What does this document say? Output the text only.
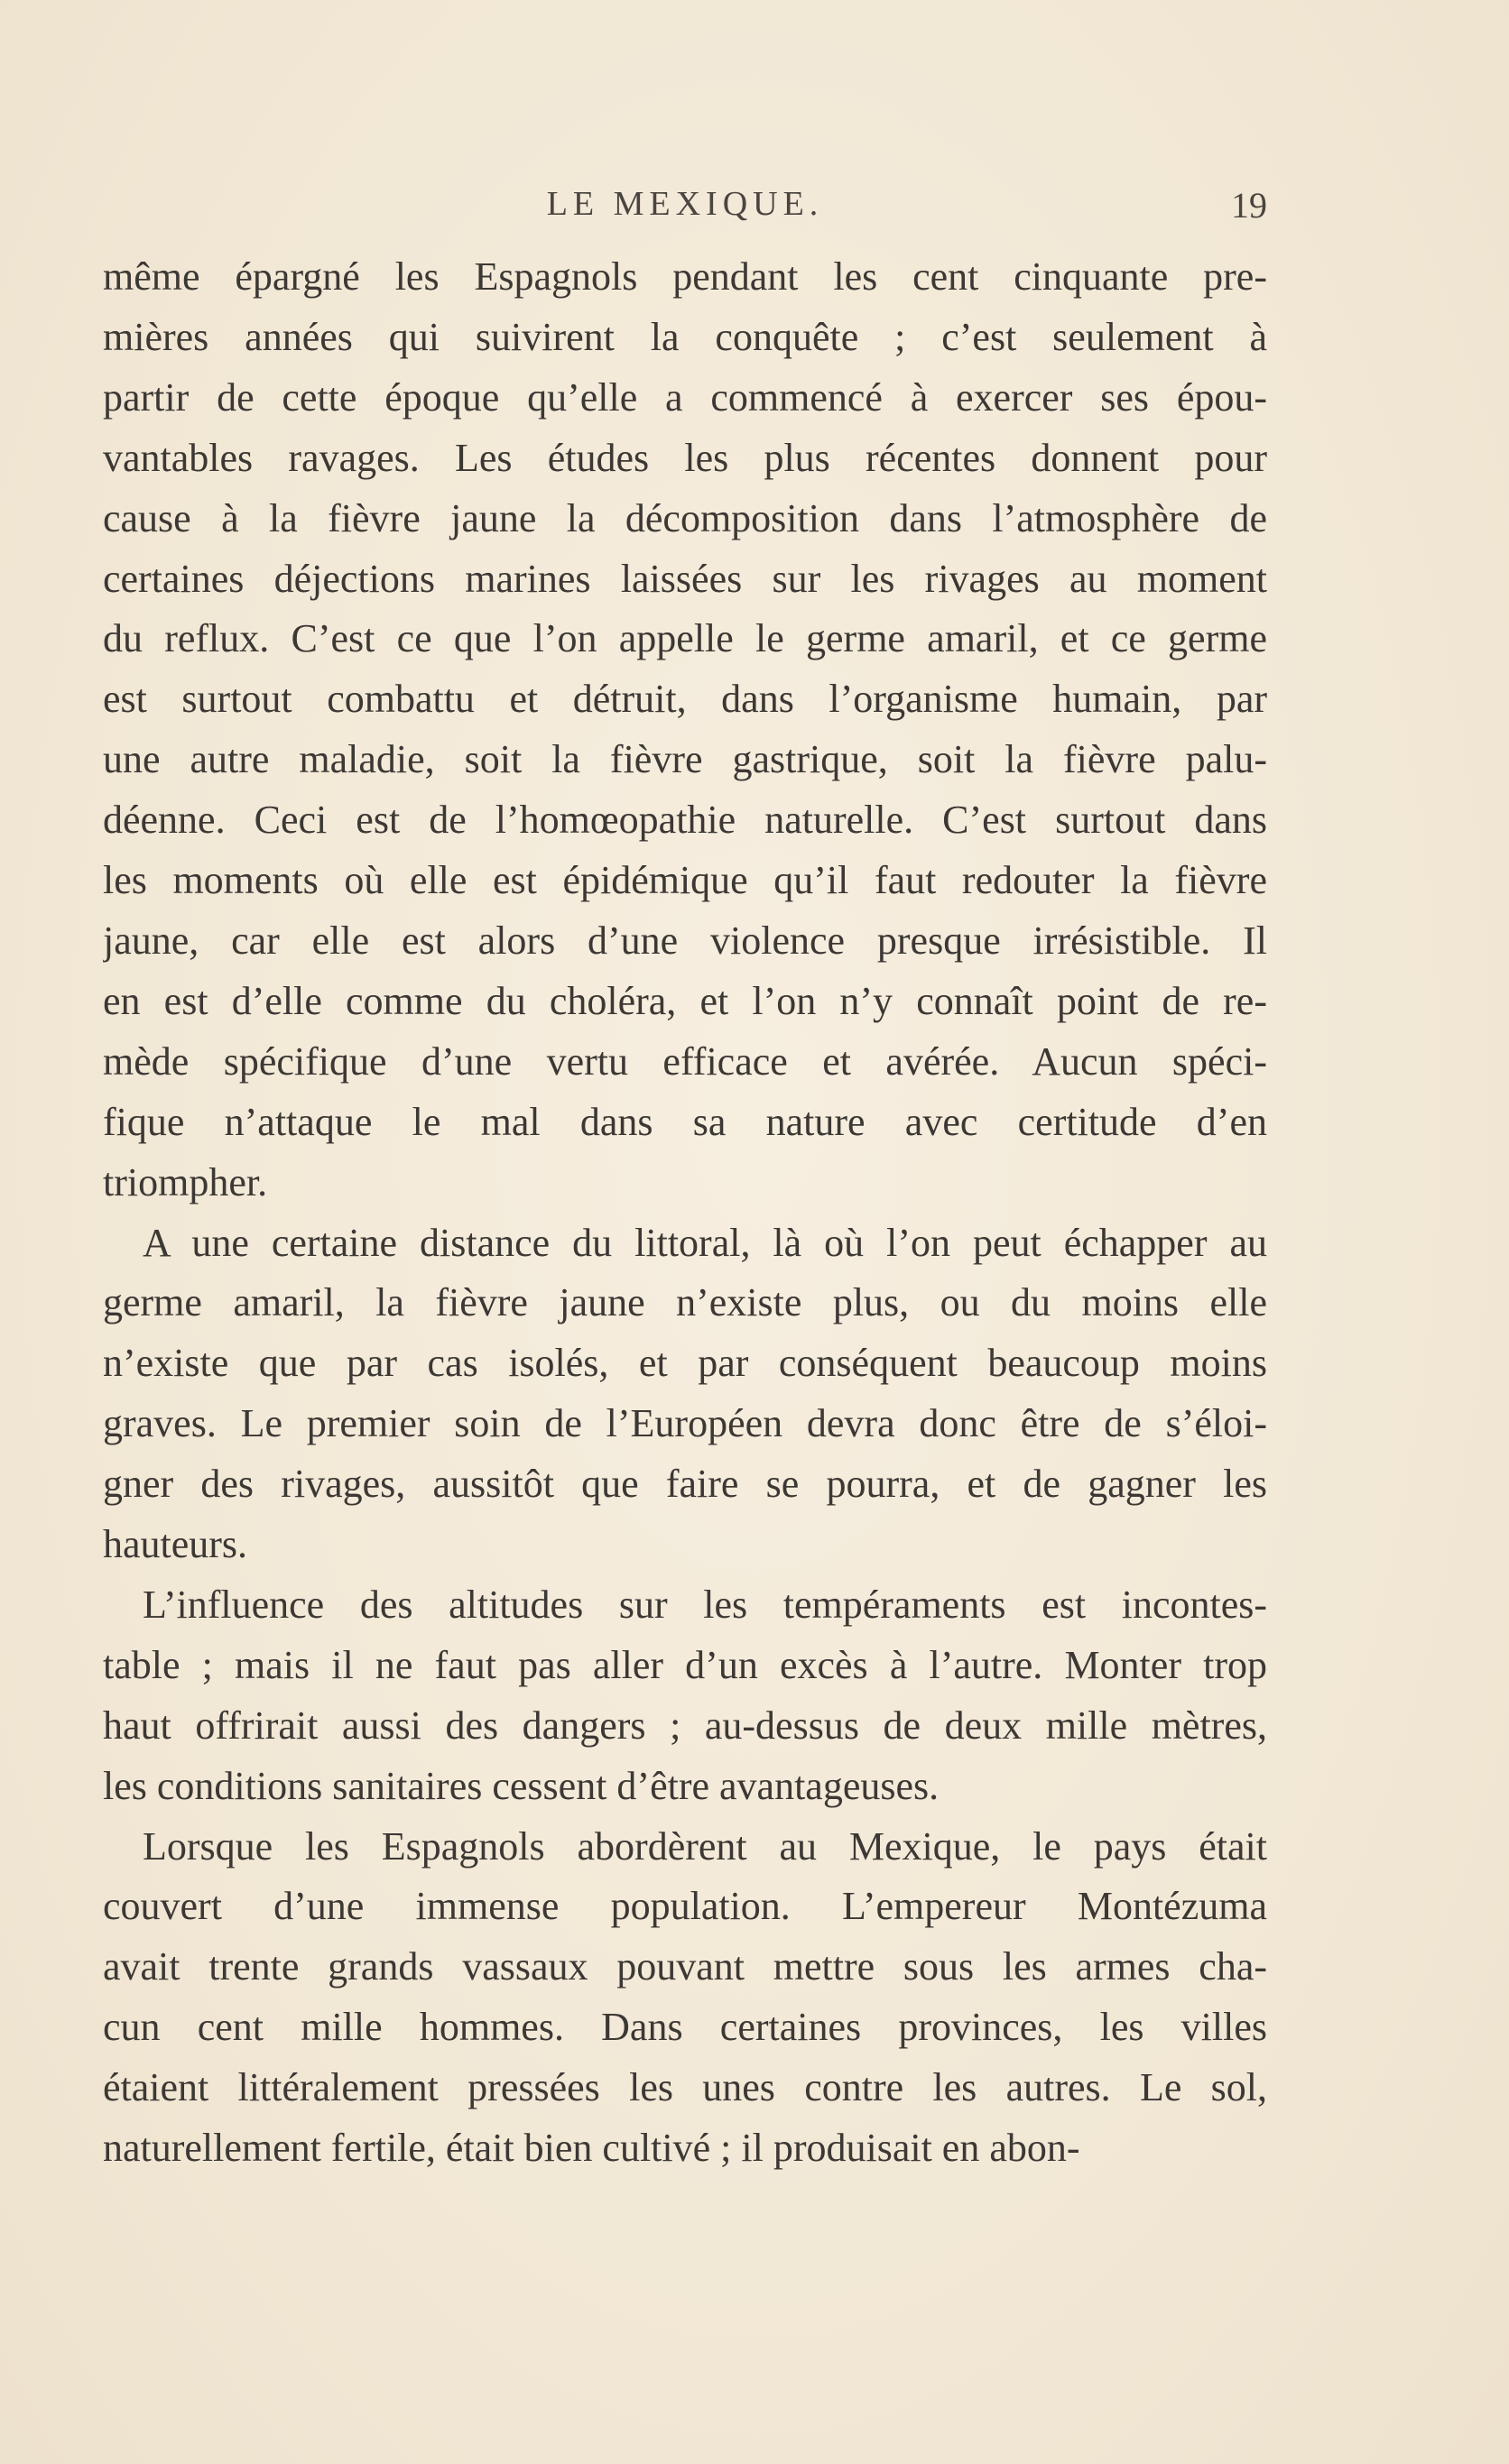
LE MEXIQUE.	19
même épargné les Espagnols pendant les cent cinquante pre-
mières années qui suivirent la conquête ; c’est seulement à
partir de cette époque qu’elle a commencé à exercer ses épou-
vantables ravages. Les études les plus récentes donnent pour
cause à la fièvre jaune la décomposition dans l’atmosphère de
certaines déjections marines laissées sur les rivages au moment
du reflux. C’est ce que l’on appelle le germe amaril, et ce germe
est surtout combattu et détruit, dans l’organisme humain, par
une autre maladie, soit la fièvre gastrique, soit la fièvre palu-
déenne. Ceci est de l’homœopathie naturelle. C’est surtout dans
les moments où elle est épidémique qu’il faut redouter la fièvre
jaune, car elle est alors d’une violence presque irrésistible. Il
en est d’elle comme du choléra, et l’on n’y connaît point de re-
mède spécifique d’une vertu efficace et avérée. Aucun spéci-
fique n’attaque le mal dans sa nature avec certitude d’en
triompher.
A une certaine distance du littoral, là où l’on peut échapper au
germe amaril, la fièvre jaune n’existe plus, ou du moins elle
n’existe que par cas isolés, et par conséquent beaucoup moins
graves. Le premier soin de l’Européen devra donc être de s’éloi-
gner des rivages, aussitôt que faire se pourra, et de gagner les
hauteurs.
L’influence des altitudes sur les tempéraments est incontes-
table ; mais il ne faut pas aller d’un excès à l’autre. Monter trop
haut offrirait aussi des dangers ; au-dessus de deux mille mètres,
les conditions sanitaires cessent d’être avantageuses.
Lorsque les Espagnols abordèrent au Mexique, le pays était
couvert d’une immense population. L’empereur Montézuma
avait trente grands vassaux pouvant mettre sous les armes cha-
cun cent mille hommes. Dans certaines provinces, les villes
étaient littéralement pressées les unes contre les autres. Le sol,
naturellement fertile, était bien cultivé ; il produisait en abon-
